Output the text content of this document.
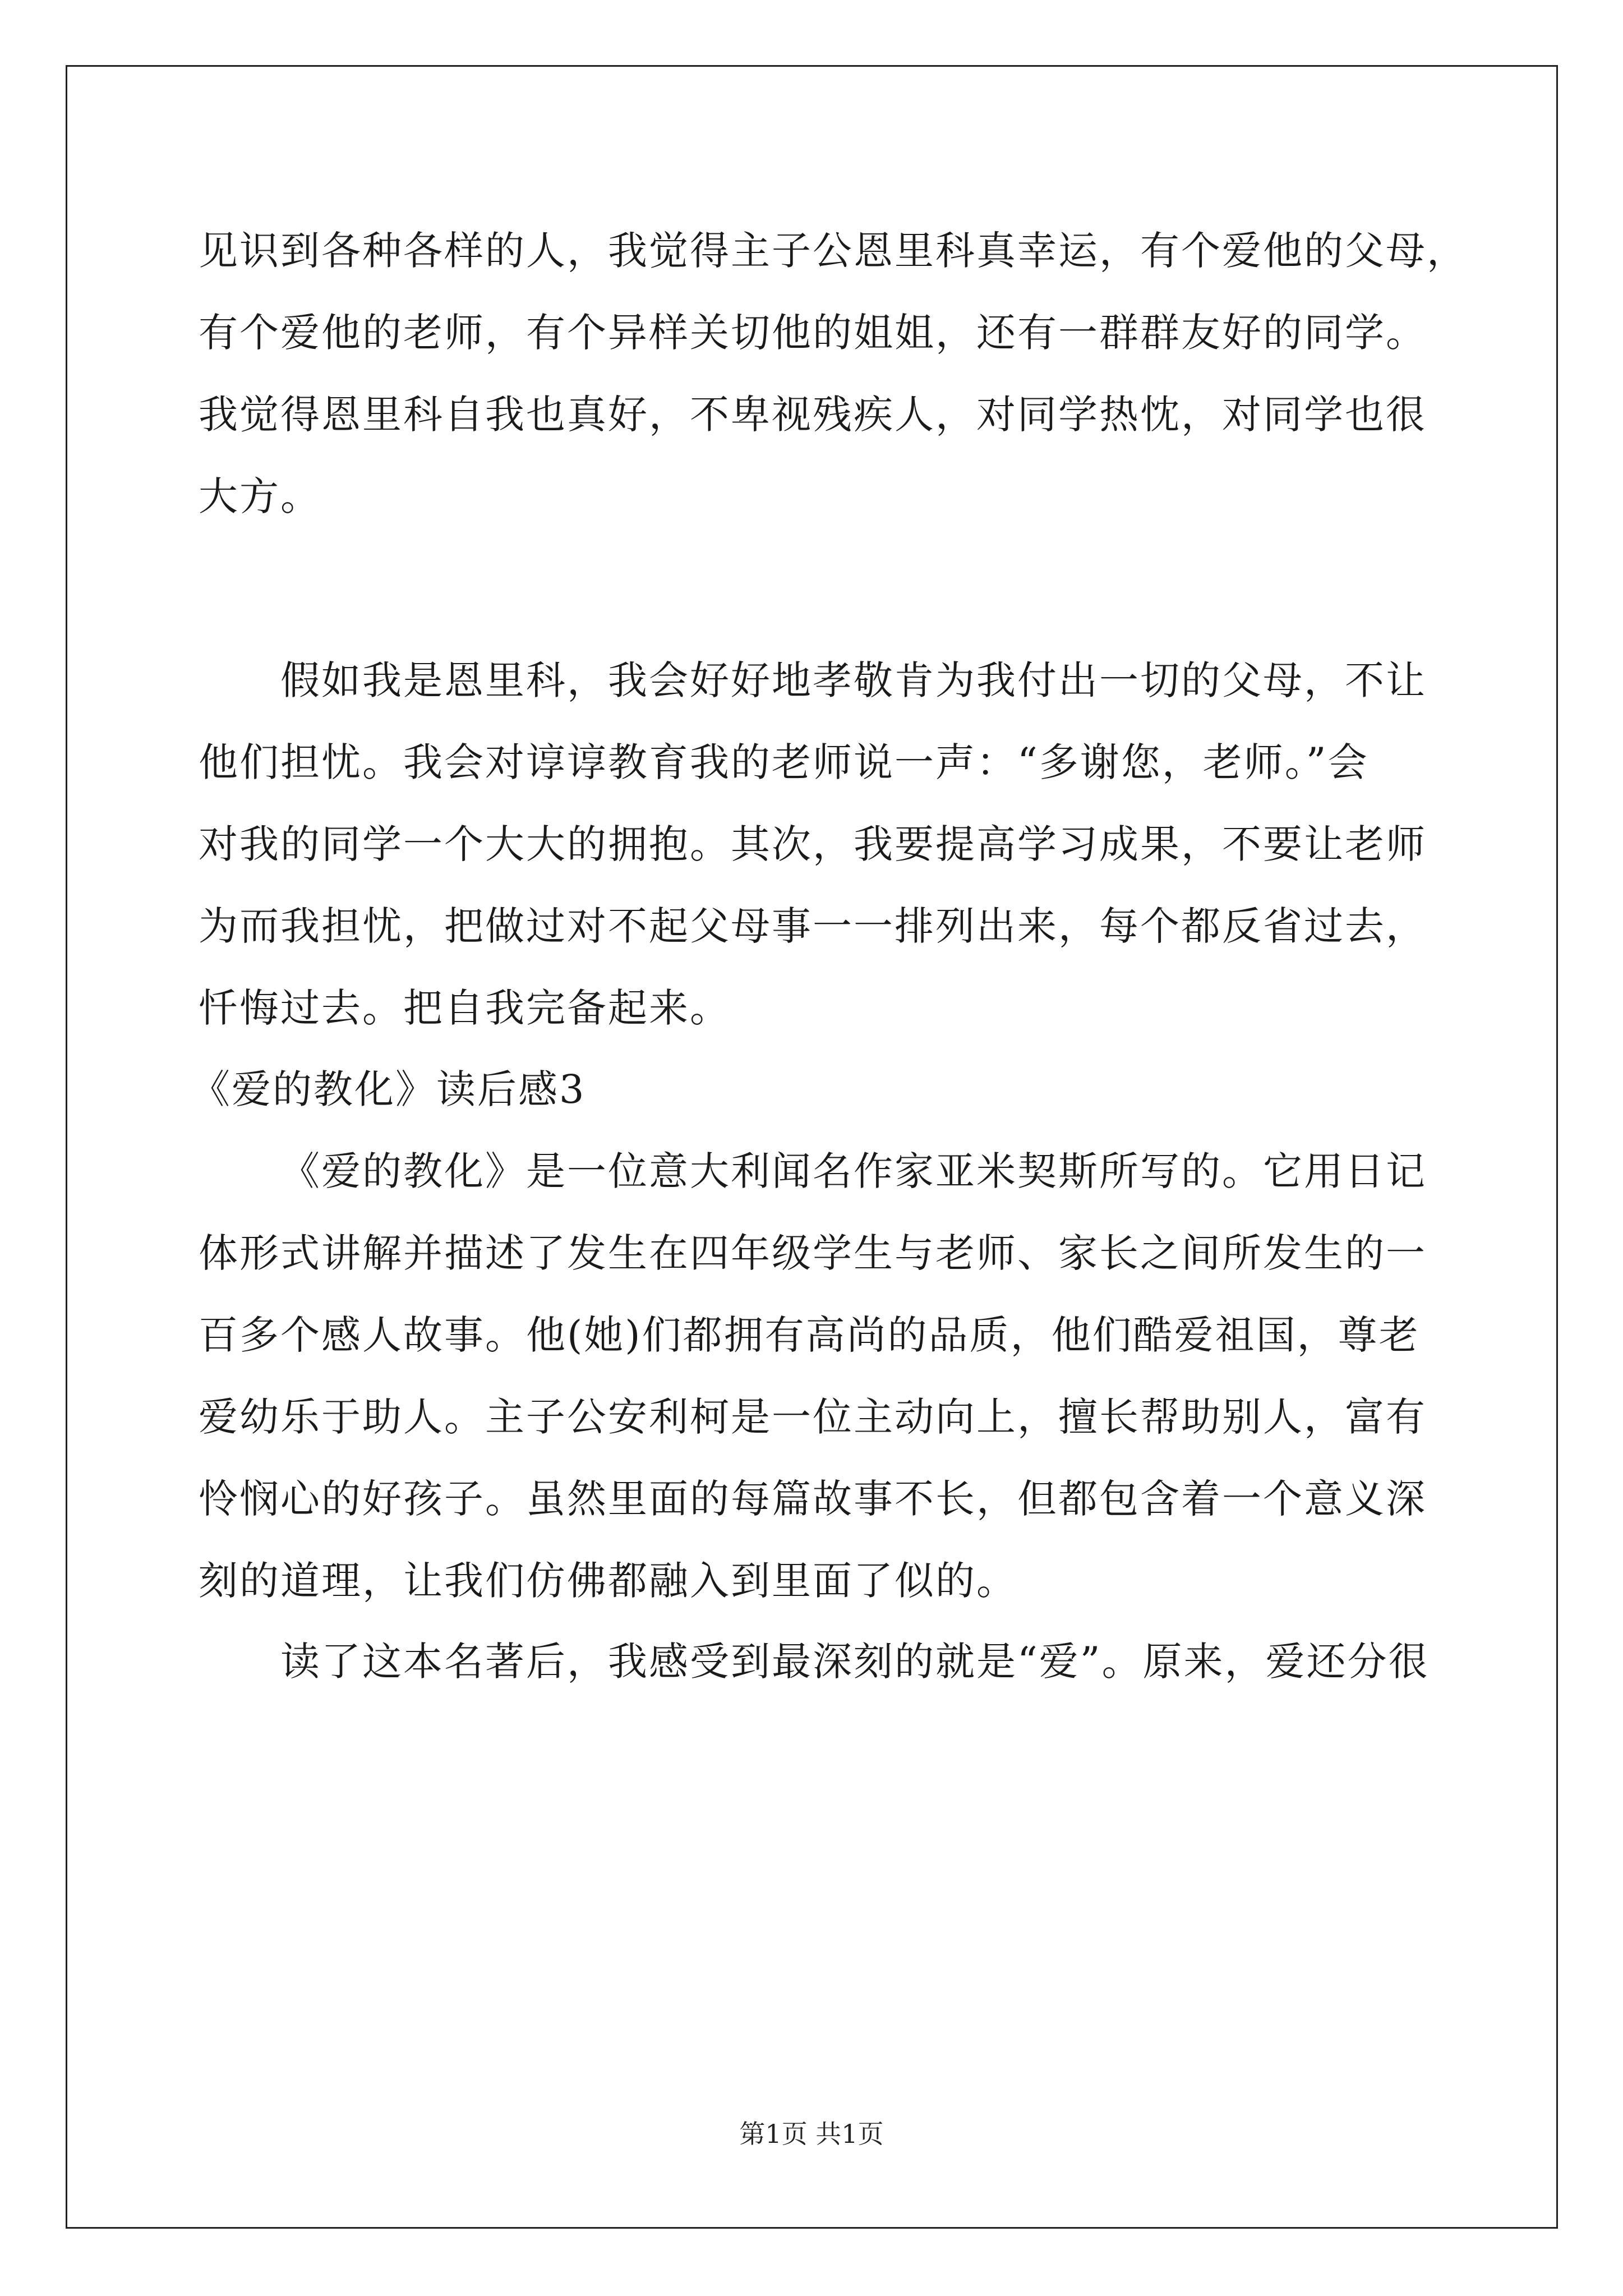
见识到各种各样的人，我觉得主子公恩里科真幸运，有个爱他的父母，
有个爱他的老师，有个异样关切他的姐姐，还有一群群友好的同学。
我觉得恩里科自我也真好，不卑视残疾人，对同学热忱，对同学也很
大方。
假如我是恩里科，我会好好地孝敬肯为我付出一切的父母，不让
他们担忧。我会对谆谆教育我的老师说一声：“多谢您，老师。”会
对我的同学一个大大的拥抱。其次，我要提高学习成果，不要让老师
为而我担忧，把做过对不起父母事一一排列出来，每个都反省过去，
忏悔过去。把自我完备起来。
《爱的教化》读后感3
《爱的教化》是一位意大利闻名作家亚米契斯所写的。它用日记
体形式讲解并描述了发生在四年级学生与老师、家长之间所发生的一
百多个感人故事。他(她)们都拥有高尚的品质，他们酷爱祖国，尊老
爱幼乐于助人。主子公安利柯是一位主动向上，擅长帮助别人，富有
怜悯心的好孩子。虽然里面的每篇故事不长，但都包含着一个意义深
刻的道理，让我们仿佛都融入到里面了似的。
读了这本名著后，我感受到最深刻的就是“爱”。原来，爱还分很
第1页 共1页
